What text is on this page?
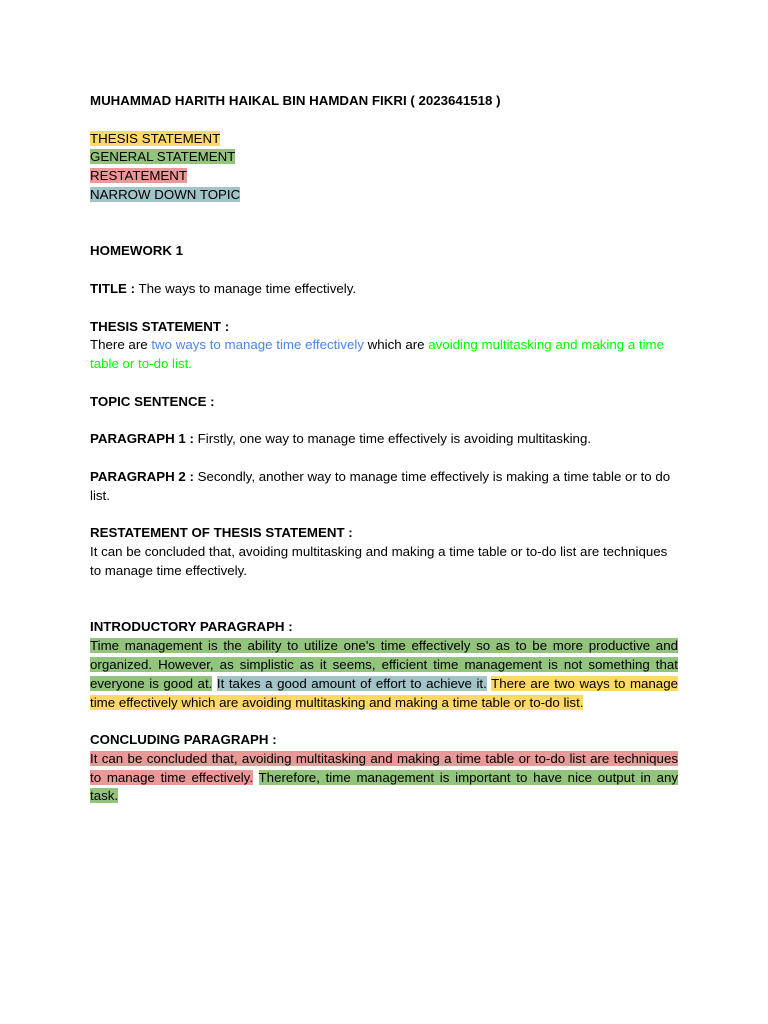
MUHAMMAD HARITH HAIKAL BIN HAMDAN FIKRI ( 2023641518 )
THESIS STATEMENT
GENERAL STATEMENT
RESTATEMENT
NARROW DOWN TOPIC
HOMEWORK 1
TITLE : The ways to manage time effectively.
THESIS STATEMENT :
There are two ways to manage time effectively which are avoiding multitasking and making a time table or to-do list.
TOPIC SENTENCE :
PARAGRAPH 1 : Firstly, one way to manage time effectively is avoiding multitasking.
PARAGRAPH 2 : Secondly, another way to manage time effectively is making a time table or to do list.
RESTATEMENT OF THESIS STATEMENT :
It can be concluded that, avoiding multitasking and making a time table or to-do list are techniques to manage time effectively.
INTRODUCTORY PARAGRAPH :
Time management is the ability to utilize one's time effectively so as to be more productive and organized. However, as simplistic as it seems, efficient time management is not something that everyone is good at. It takes a good amount of effort to achieve it. There are two ways to manage time effectively which are avoiding multitasking and making a time table or to-do list.
CONCLUDING PARAGRAPH :
It can be concluded that, avoiding multitasking and making a time table or to-do list are techniques to manage time effectively. Therefore, time management is important to have nice output in any task.
